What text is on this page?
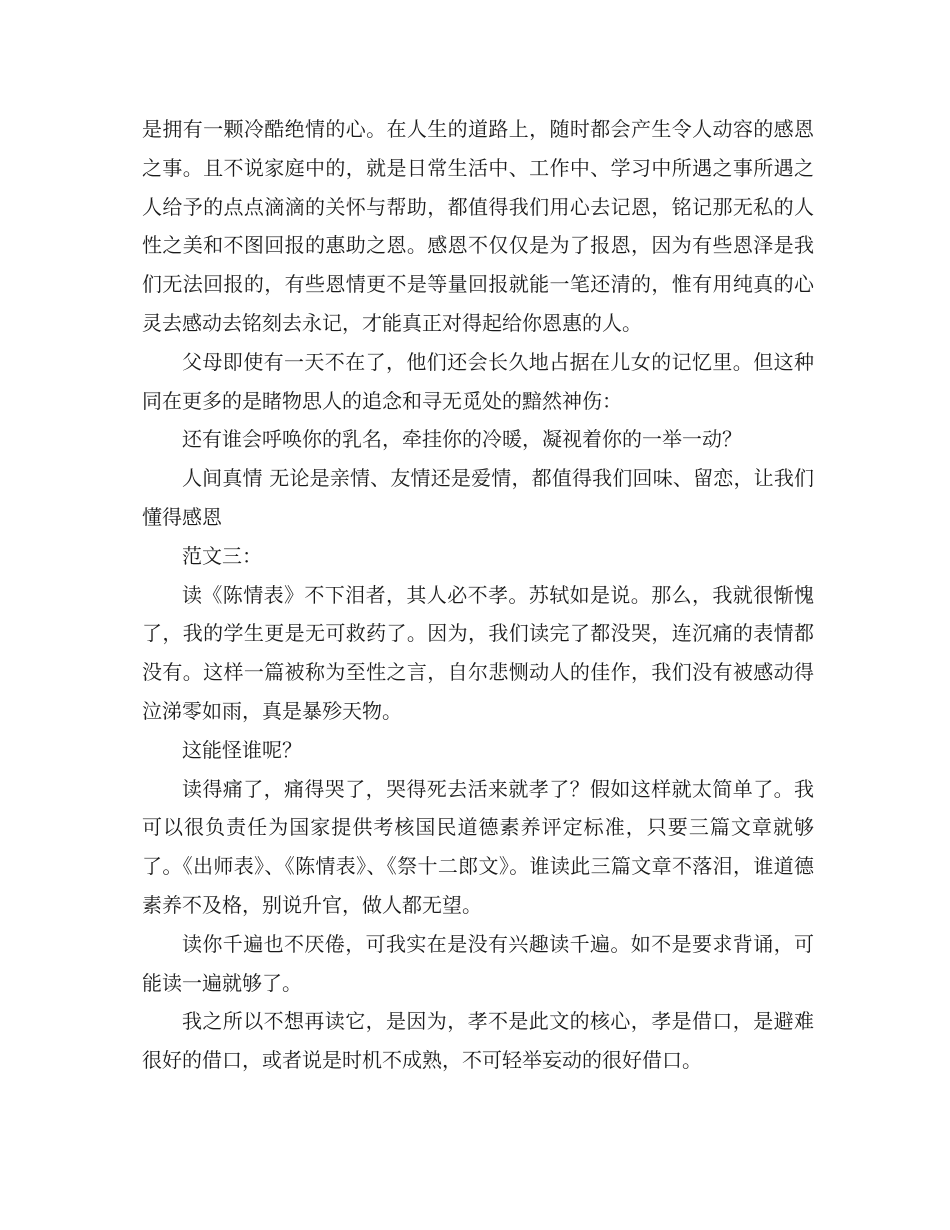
是拥有一颗冷酷绝情的心。在人生的道路上，随时都会产生令人动容的感恩之事。且不说家庭中的，就是日常生活中、工作中、学习中所遇之事所遇之人给予的点点滴滴的关怀与帮助，都值得我们用心去记恩，铭记那无私的人性之美和不图回报的惠助之恩。感恩不仅仅是为了报恩，因为有些恩泽是我们无法回报的，有些恩情更不是等量回报就能一笔还清的，惟有用纯真的心灵去感动去铭刻去永记，才能真正对得起给你恩惠的人。

父母即使有一天不在了，他们还会长久地占据在儿女的记忆里。但这种同在更多的是睹物思人的追念和寻无觅处的黯然神伤：

还有谁会呼唤你的乳名，牵挂你的冷暖，凝视着你的一举一动？

人间真情 无论是亲情、友情还是爱情，都值得我们回味、留恋，让我们懂得感恩

范文三：

读《陈情表》不下泪者，其人必不孝。苏轼如是说。那么，我就很惭愧了，我的学生更是无可救药了。因为，我们读完了都没哭，连沉痛的表情都没有。这样一篇被称为至性之言，自尔悲恻动人的佳作，我们没有被感动得泣涕零如雨，真是暴殄天物。

这能怪谁呢？

读得痛了，痛得哭了，哭得死去活来就孝了？假如这样就太简单了。我可以很负责任为国家提供考核国民道德素养评定标准，只要三篇文章就够了。《出师表》、《陈情表》、《祭十二郎文》。谁读此三篇文章不落泪，谁道德素养不及格，别说升官，做人都无望。

读你千遍也不厌倦，可我实在是没有兴趣读千遍。如不是要求背诵，可能读一遍就够了。

我之所以不想再读它，是因为，孝不是此文的核心，孝是借口，是避难很好的借口，或者说是时机不成熟，不可轻举妄动的很好借口。
